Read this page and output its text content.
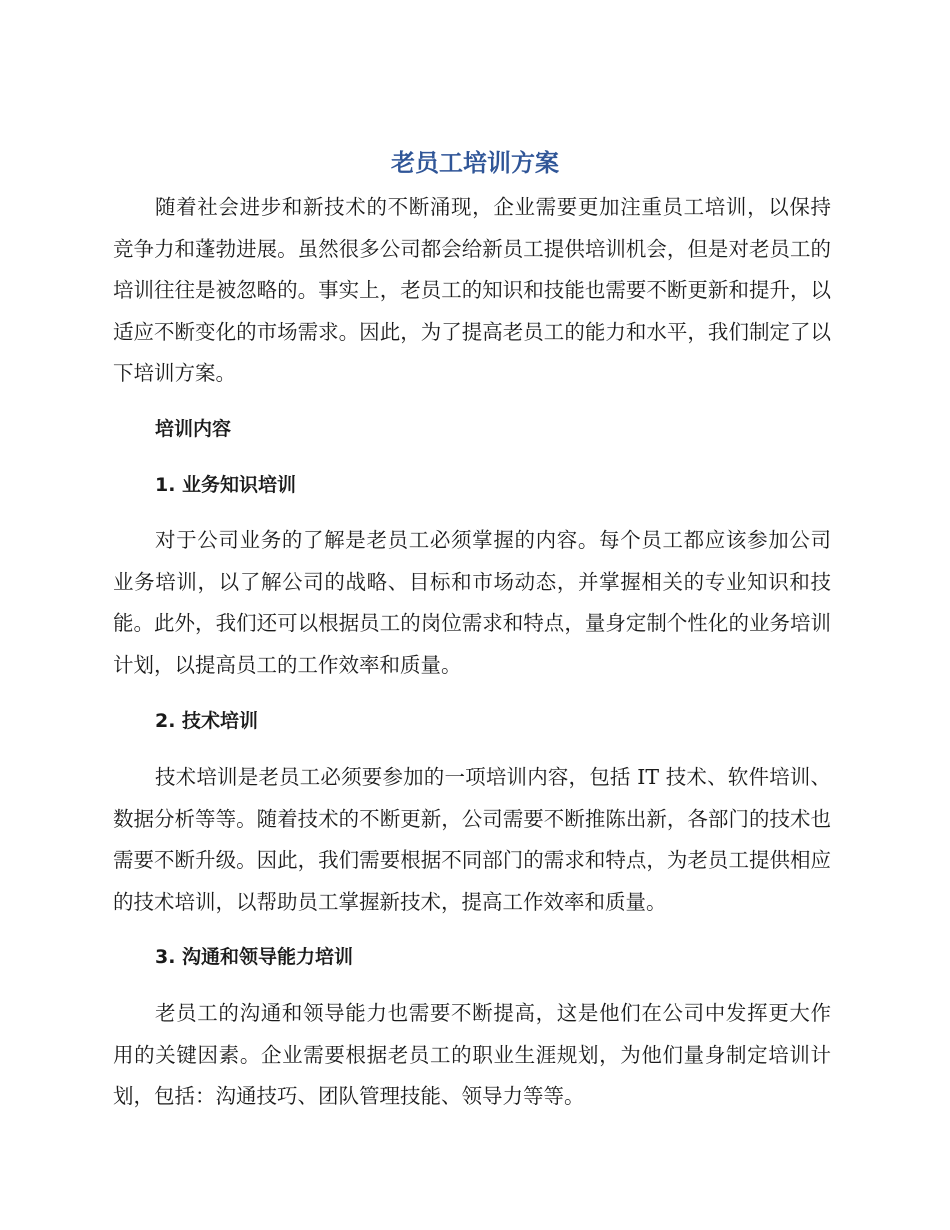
老员工培训方案

随着社会进步和新技术的不断涌现，企业需要更加注重员工培训，以保持竞争力和蓬勃进展。虽然很多公司都会给新员工提供培训机会，但是对老员工的培训往往是被忽略的。事实上，老员工的知识和技能也需要不断更新和提升，以适应不断变化的市场需求。因此，为了提高老员工的能力和水平，我们制定了以下培训方案。

培训内容
1. 业务知识培训

对于公司业务的了解是老员工必须掌握的内容。每个员工都应该参加公司业务培训，以了解公司的战略、目标和市场动态，并掌握相关的专业知识和技能。此外，我们还可以根据员工的岗位需求和特点，量身定制个性化的业务培训计划，以提高员工的工作效率和质量。

2. 技术培训

技术培训是老员工必须要参加的一项培训内容，包括 IT 技术、软件培训、数据分析等等。随着技术的不断更新，公司需要不断推陈出新，各部门的技术也需要不断升级。因此，我们需要根据不同部门的需求和特点，为老员工提供相应的技术培训，以帮助员工掌握新技术，提高工作效率和质量。

3. 沟通和领导能力培训

老员工的沟通和领导能力也需要不断提高，这是他们在公司中发挥更大作用的关键因素。企业需要根据老员工的职业生涯规划，为他们量身制定培训计划，包括：沟通技巧、团队管理技能、领导力等等。
